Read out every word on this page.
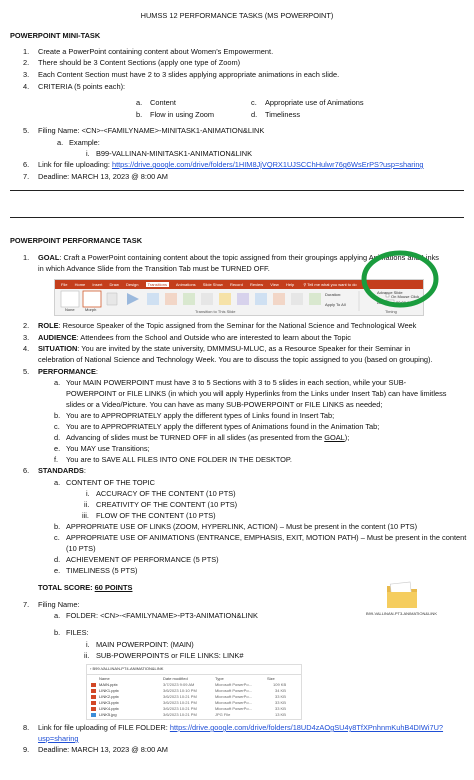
HUMSS 12 PERFORMANCE TASKS (MS POWERPOINT)
POWERPOINT MINI-TASK
1. Create a PowerPoint containing content about Women’s Empowerment.
2. There should be 3 Content Sections (apply one type of Zoom)
3. Each Content Section must have 2 to 3 slides applying appropriate animations in each slide.
4. CRITERIA (5 points each):
a. Content	c. Appropriate use of Animations
b. Flow in using Zoom	d. Timeliness
5. Filing Name: <CN>-<FAMILYNAME>-MINITASK1-ANIMATION&LINK
a. Example:
i. B99-VALLINAN-MINITASK1-ANIMATION&LINK
6. Link for file uploading: https://drive.google.com/drive/folders/1HIM8JjVQRX1UJSCChHulwr76g6WsErPS?usp=sharing
7. Deadline: MARCH 13, 2023 @ 8:00 AM
POWERPOINT PERFORMANCE TASK
1. GOAL: Craft a PowerPoint containing content about the topic assigned from their groupings applying Animations and Links
in which Advance Slide from the Transition Tab must be TURNED OFF.
File Home Insert Draw Design Transitions Animations Slide Show Record Review View Help ⚲ Tell me what you want to do
None	Morph	Transition to This Slide
Duration:
Apply To All
Advance Slide
On Mouse Click
After: 00:00.00
Timing
2. ROLE: Resource Speaker of the Topic assigned from the Seminar for the National Science and Technological Week
3. AUDIENCE: Attendees from the School and Outside who are interested to learn about the Topic
4. SITUATION: You are invited by the state university, DMMMSU-MLUC, as a Resource Speaker for their Seminar in
celebration of National Science and Technology Week. You are to discuss the topic assigned to you (based on grouping).
5. PERFORMANCE:
a. Your MAIN POWERPOINT must have 3 to 5 Sections with 3 to 5 slides in each section, while your SUB-
POWERPOINT or FILE LINKS (in which you will apply Hyperlinks from the Links under Insert Tab) can have limitless
slides or a Video/Picture. You can have as many SUB-POWERPOINT or FILE LINKS as needed;
b. You are to APPROPRIATELY apply the different types of Links found in Insert Tab;
c. You are to APPROPRIATELY apply the different types of Animations found in the Animation Tab;
d. Advancing of slides must be TURNED OFF in all slides (as presented from the GOAL);
e. You MAY use Transitions;
f. You are to SAVE ALL FILES INTO ONE FOLDER IN THE DESKTOP.
6. STANDARDS:
a. CONTENT OF THE TOPIC
i. ACCURACY OF THE CONTENT (10 PTS)
ii. CREATIVITY OF THE CONTENT (10 PTS)
iii. FLOW OF THE CONTENT (10 PTS)
b. APPROPRIATE USE OF LINKS (ZOOM, HYPERLINK, ACTION) – Must be present in the content (10 PTS)
c. APPROPRIATE USE OF ANIMATIONS (ENTRANCE, EMPHASIS, EXIT, MOTION PATH) – Must be present in the content
(10 PTS)
d. ACHIEVEMENT OF PERFORMANCE (5 PTS)
e. TIMELINESS (5 PTS)
TOTAL SCORE: 60 POINTS
7. Filing Name:
a. FOLDER: <CN>-<FAMILYNAME>-PT3-ANIMATION&LINK	B99-VALLINAN-PT3-ANIMATION&LINK
b. FILES:
i. MAIN POWERPOINT: (MAIN)
ii. SUB-POWERPOINTS or FILE LINKS: LINK#
› B99-VALLINAN-PT4-ANIMATION&LINK
Name	Date modified	Type	Size
MAIN.pptx	3/7/2023 9:09 AM	Microsoft PowerPo...	109 KB
LINK1.pptx	3/6/2023 10:10 PM	Microsoft PowerPo...	34 KB
LINK2.pptx	3/6/2023 10:21 PM	Microsoft PowerPo...	33 KB
LINK3.pptx	3/6/2023 10:21 PM	Microsoft PowerPo...	33 KB
LINK4.pptx	3/6/2023 10:21 PM	Microsoft PowerPo...	33 KB
LINK5.jpg	3/6/2023 10:21 PM	JPG File	13 KB
8. Link for file uploading of FILE FOLDER: https://drive.google.com/drive/folders/18UD4zAOgSU4y8TfXPnhnmKuhB4DIWi7U?
usp=sharing
9. Deadline: MARCH 13, 2023 @ 8:00 AM
